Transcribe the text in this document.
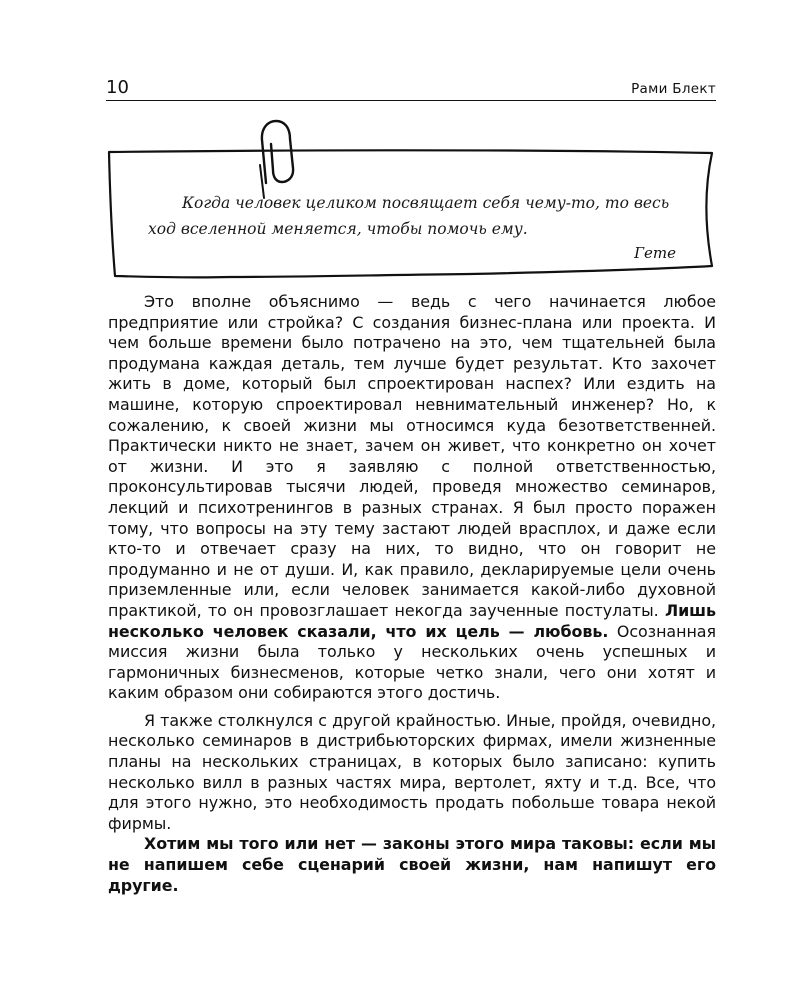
10	Рами Блект
Когда человек целиком посвящает себя чему-то, то весь ход вселенной меняется, чтобы помочь ему.
Гете

Это вполне объяснимо — ведь с чего начинается любое предприятие или стройка? С создания бизнес-плана или проекта. И чем больше времени было потрачено на это, чем тщательней была продумана каждая деталь, тем лучше будет результат. Кто захочет жить в доме, который был спроектирован наспех? Или ездить на машине, которую спроектировал невнимательный инженер? Но, к сожалению, к своей жизни мы относимся куда безответственней. Практически никто не знает, зачем он живет, что конкретно он хочет от жизни. И это я заявляю с полной ответственностью, проконсультировав тысячи людей, проведя множество семинаров, лекций и психотренингов в разных странах. Я был просто поражен тому, что вопросы на эту тему застают людей врасплох, и даже если кто-то и отвечает сразу на них, то видно, что он говорит не продуманно и не от души. И, как правило, декларируемые цели очень приземленные или, если человек занимается какой-либо духовной практикой, то он провозглашает некогда заученные постулаты. Лишь несколько человек сказали, что их цель — любовь. Осознанная миссия жизни была только у нескольких очень успешных и гармоничных бизнесменов, которые четко знали, чего они хотят и каким образом они собираются этого достичь.

Я также столкнулся с другой крайностью. Иные, пройдя, очевидно, несколько семинаров в дистрибьюторских фирмах, имели жизненные планы на нескольких страницах, в которых было записано: купить несколько вилл в разных частях мира, вертолет, яхту и т.д. Все, что для этого нужно, это необходимость продать побольше товара некой фирмы.

Хотим мы того или нет — законы этого мира таковы: если мы не напишем себе сценарий своей жизни, нам напишут его другие.
